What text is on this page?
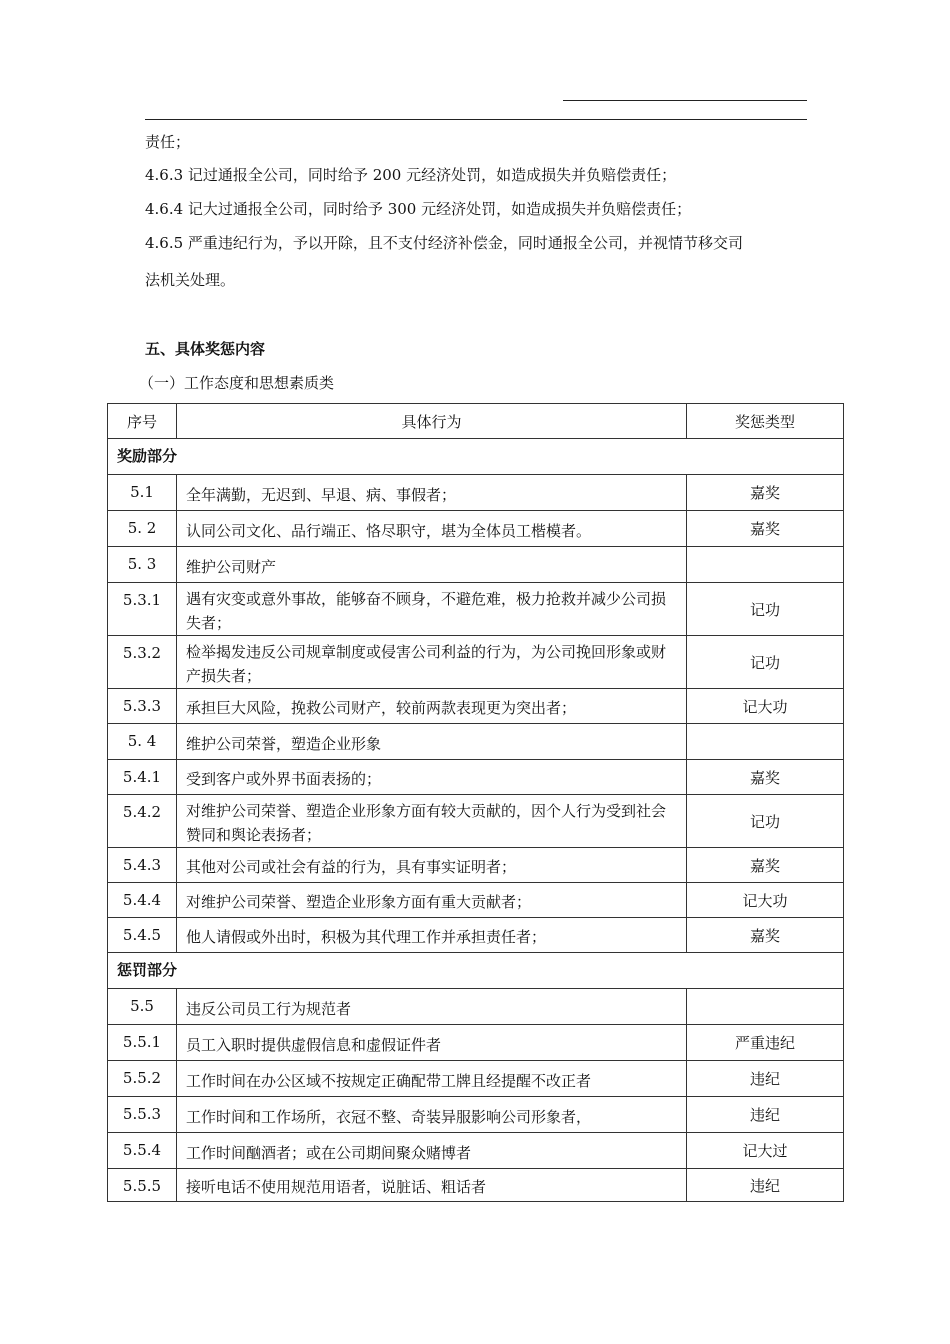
责任；
4.6.3 记过通报全公司，同时给予 200 元经济处罚，如造成损失并负赔偿责任；
4.6.4 记大过通报全公司，同时给予 300 元经济处罚，如造成损失并负赔偿责任；
4.6.5 严重违纪行为，予以开除，且不支付经济补偿金，同时通报全公司，并视情节移交司
法机关处理。
五、具体奖惩内容
（一）工作态度和思想素质类
序号	具体行为	奖惩类型
奖励部分		
5.1	全年满勤，无迟到、早退、病、事假者；	嘉奖
5. 2	认同公司文化、品行端正、恪尽职守，堪为全体员工楷模者。	嘉奖
5. 3	维护公司财产	
5.3.1	遇有灾变或意外事故，能够奋不顾身，不避危难，极力抢救并减少公司损失者；	记功
5.3.2	检举揭发违反公司规章制度或侵害公司利益的行为，为公司挽回形象或财产损失者；	记功
5.3.3	承担巨大风险，挽救公司财产，较前两款表现更为突出者；	记大功
5. 4	维护公司荣誉，塑造企业形象	
5.4.1	受到客户或外界书面表扬的；	嘉奖
5.4.2	对维护公司荣誉、塑造企业形象方面有较大贡献的，因个人行为受到社会赞同和舆论表扬者；	记功
5.4.3	其他对公司或社会有益的行为，具有事实证明者；	嘉奖
5.4.4	对维护公司荣誉、塑造企业形象方面有重大贡献者；	记大功
5.4.5	他人请假或外出时，积极为其代理工作并承担责任者；	嘉奖
惩罚部分		
5.5	违反公司员工行为规范者	
5.5.1	员工入职时提供虚假信息和虚假证件者	严重违纪
5.5.2	工作时间在办公区域不按规定正确配带工牌且经提醒不改正者	违纪
5.5.3	工作时间和工作场所，衣冠不整、奇装异服影响公司形象者，	违纪
5.5.4	工作时间酗酒者；或在公司期间聚众赌博者	记大过
5.5.5	接听电话不使用规范用语者，说脏话、粗话者	违纪
